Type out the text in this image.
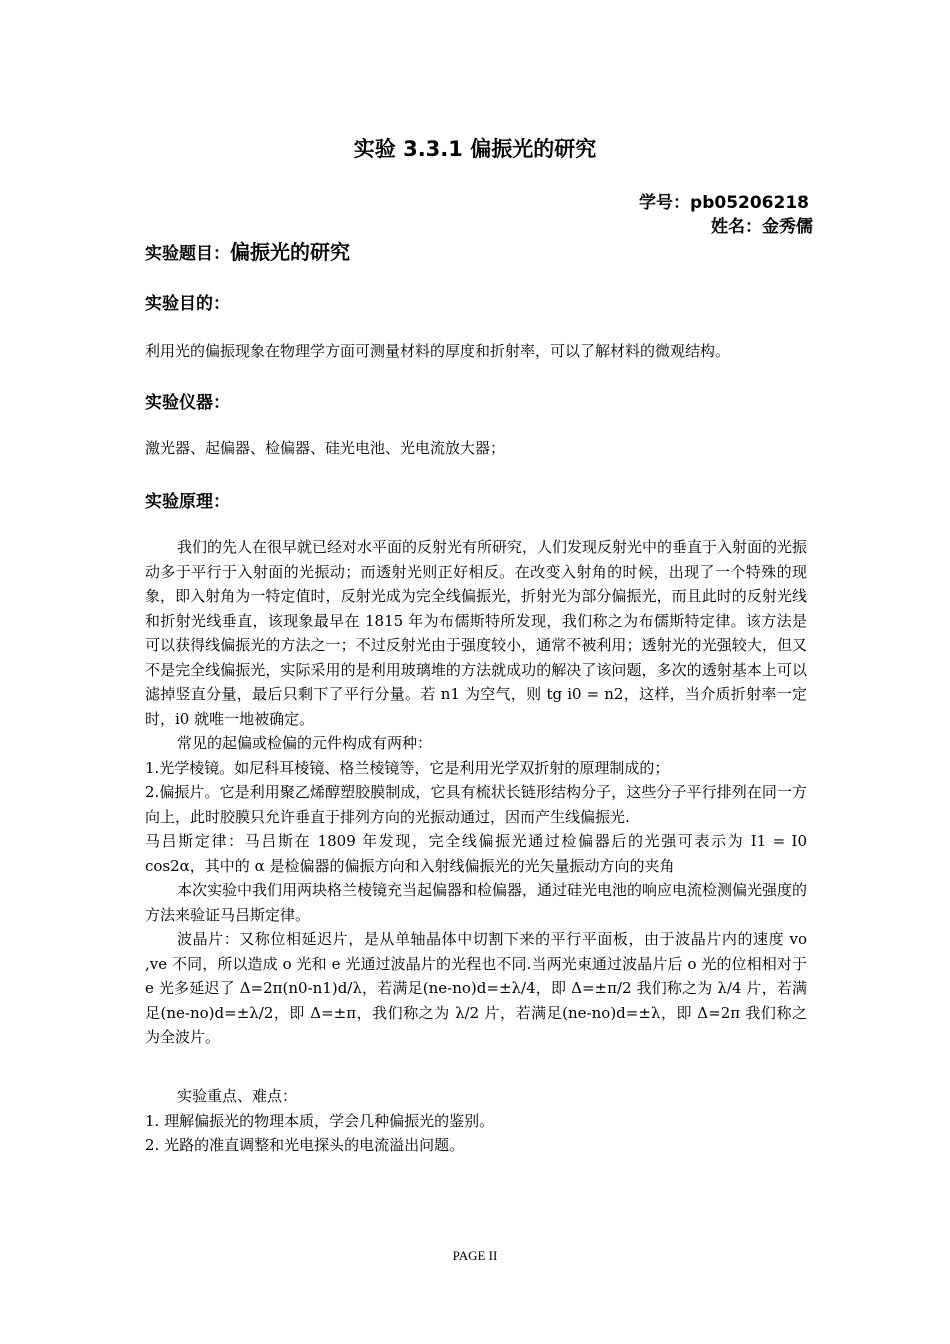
实验 3.3.1 偏振光的研究
学号：pb05206218
姓名：金秀儒
实验题目：偏振光的研究
实验目的：

利用光的偏振现象在物理学方面可测量材料的厚度和折射率，可以了解材料的微观结构。

实验仪器：

激光器、起偏器、检偏器、硅光电池、光电流放大器；

实验原理：

我们的先人在很早就已经对水平面的反射光有所研究，人们发现反射光中的垂直于入射面的光振动多于平行于入射面的光振动；而透射光则正好相反。在改变入射角的时候，出现了一个特殊的现象，即入射角为一特定值时，反射光成为完全线偏振光，折射光为部分偏振光，而且此时的反射光线和折射光线垂直，该现象最早在 1815 年为布儒斯特所发现，我们称之为布儒斯特定律。该方法是可以获得线偏振光的方法之一；不过反射光由于强度较小，通常不被利用；透射光的光强较大，但又不是完全线偏振光，实际采用的是利用玻璃堆的方法就成功的解决了该问题，多次的透射基本上可以滤掉竖直分量，最后只剩下了平行分量。若 n1 为空气，则 tg i0 = n2，这样，当介质折射率一定时，i0 就唯一地被确定。

常见的起偏或检偏的元件构成有两种：

1.光学棱镜。如尼科耳棱镜、格兰棱镜等，它是利用光学双折射的原理制成的；

2.偏振片。它是利用聚乙烯醇塑胶膜制成，它具有梳状长链形结构分子，这些分子平行排列在同一方向上，此时胶膜只允许垂直于排列方向的光振动通过，因而产生线偏振光.

马吕斯定律：马吕斯在 1809 年发现，完全线偏振光通过检偏器后的光强可表示为 I1 = I0 cos2α，其中的 α 是检偏器的偏振方向和入射线偏振光的光矢量振动方向的夹角

本次实验中我们用两块格兰棱镜充当起偏器和检偏器，通过硅光电池的响应电流检测偏光强度的方法来验证马吕斯定律。

波晶片：又称位相延迟片，是从单轴晶体中切割下来的平行平面板，由于波晶片内的速度 vo ,ve 不同，所以造成 o 光和 e 光通过波晶片的光程也不同.当两光束通过波晶片后 o 光的位相相对于 e 光多延迟了 Δ=2π(n0-n1)d/λ，若满足(ne-no)d=±λ/4，即 Δ=±π/2 我们称之为 λ/4 片，若满足(ne-no)d=±λ/2，即 Δ=±π，我们称之为 λ/2 片，若满足(ne-no)d=±λ，即 Δ=2π 我们称之为全波片。

实验重点、难点：

1. 理解偏振光的物理本质，学会几种偏振光的鉴别。

2. 光路的准直调整和光电探头的电流溢出问题。

PAGE II
